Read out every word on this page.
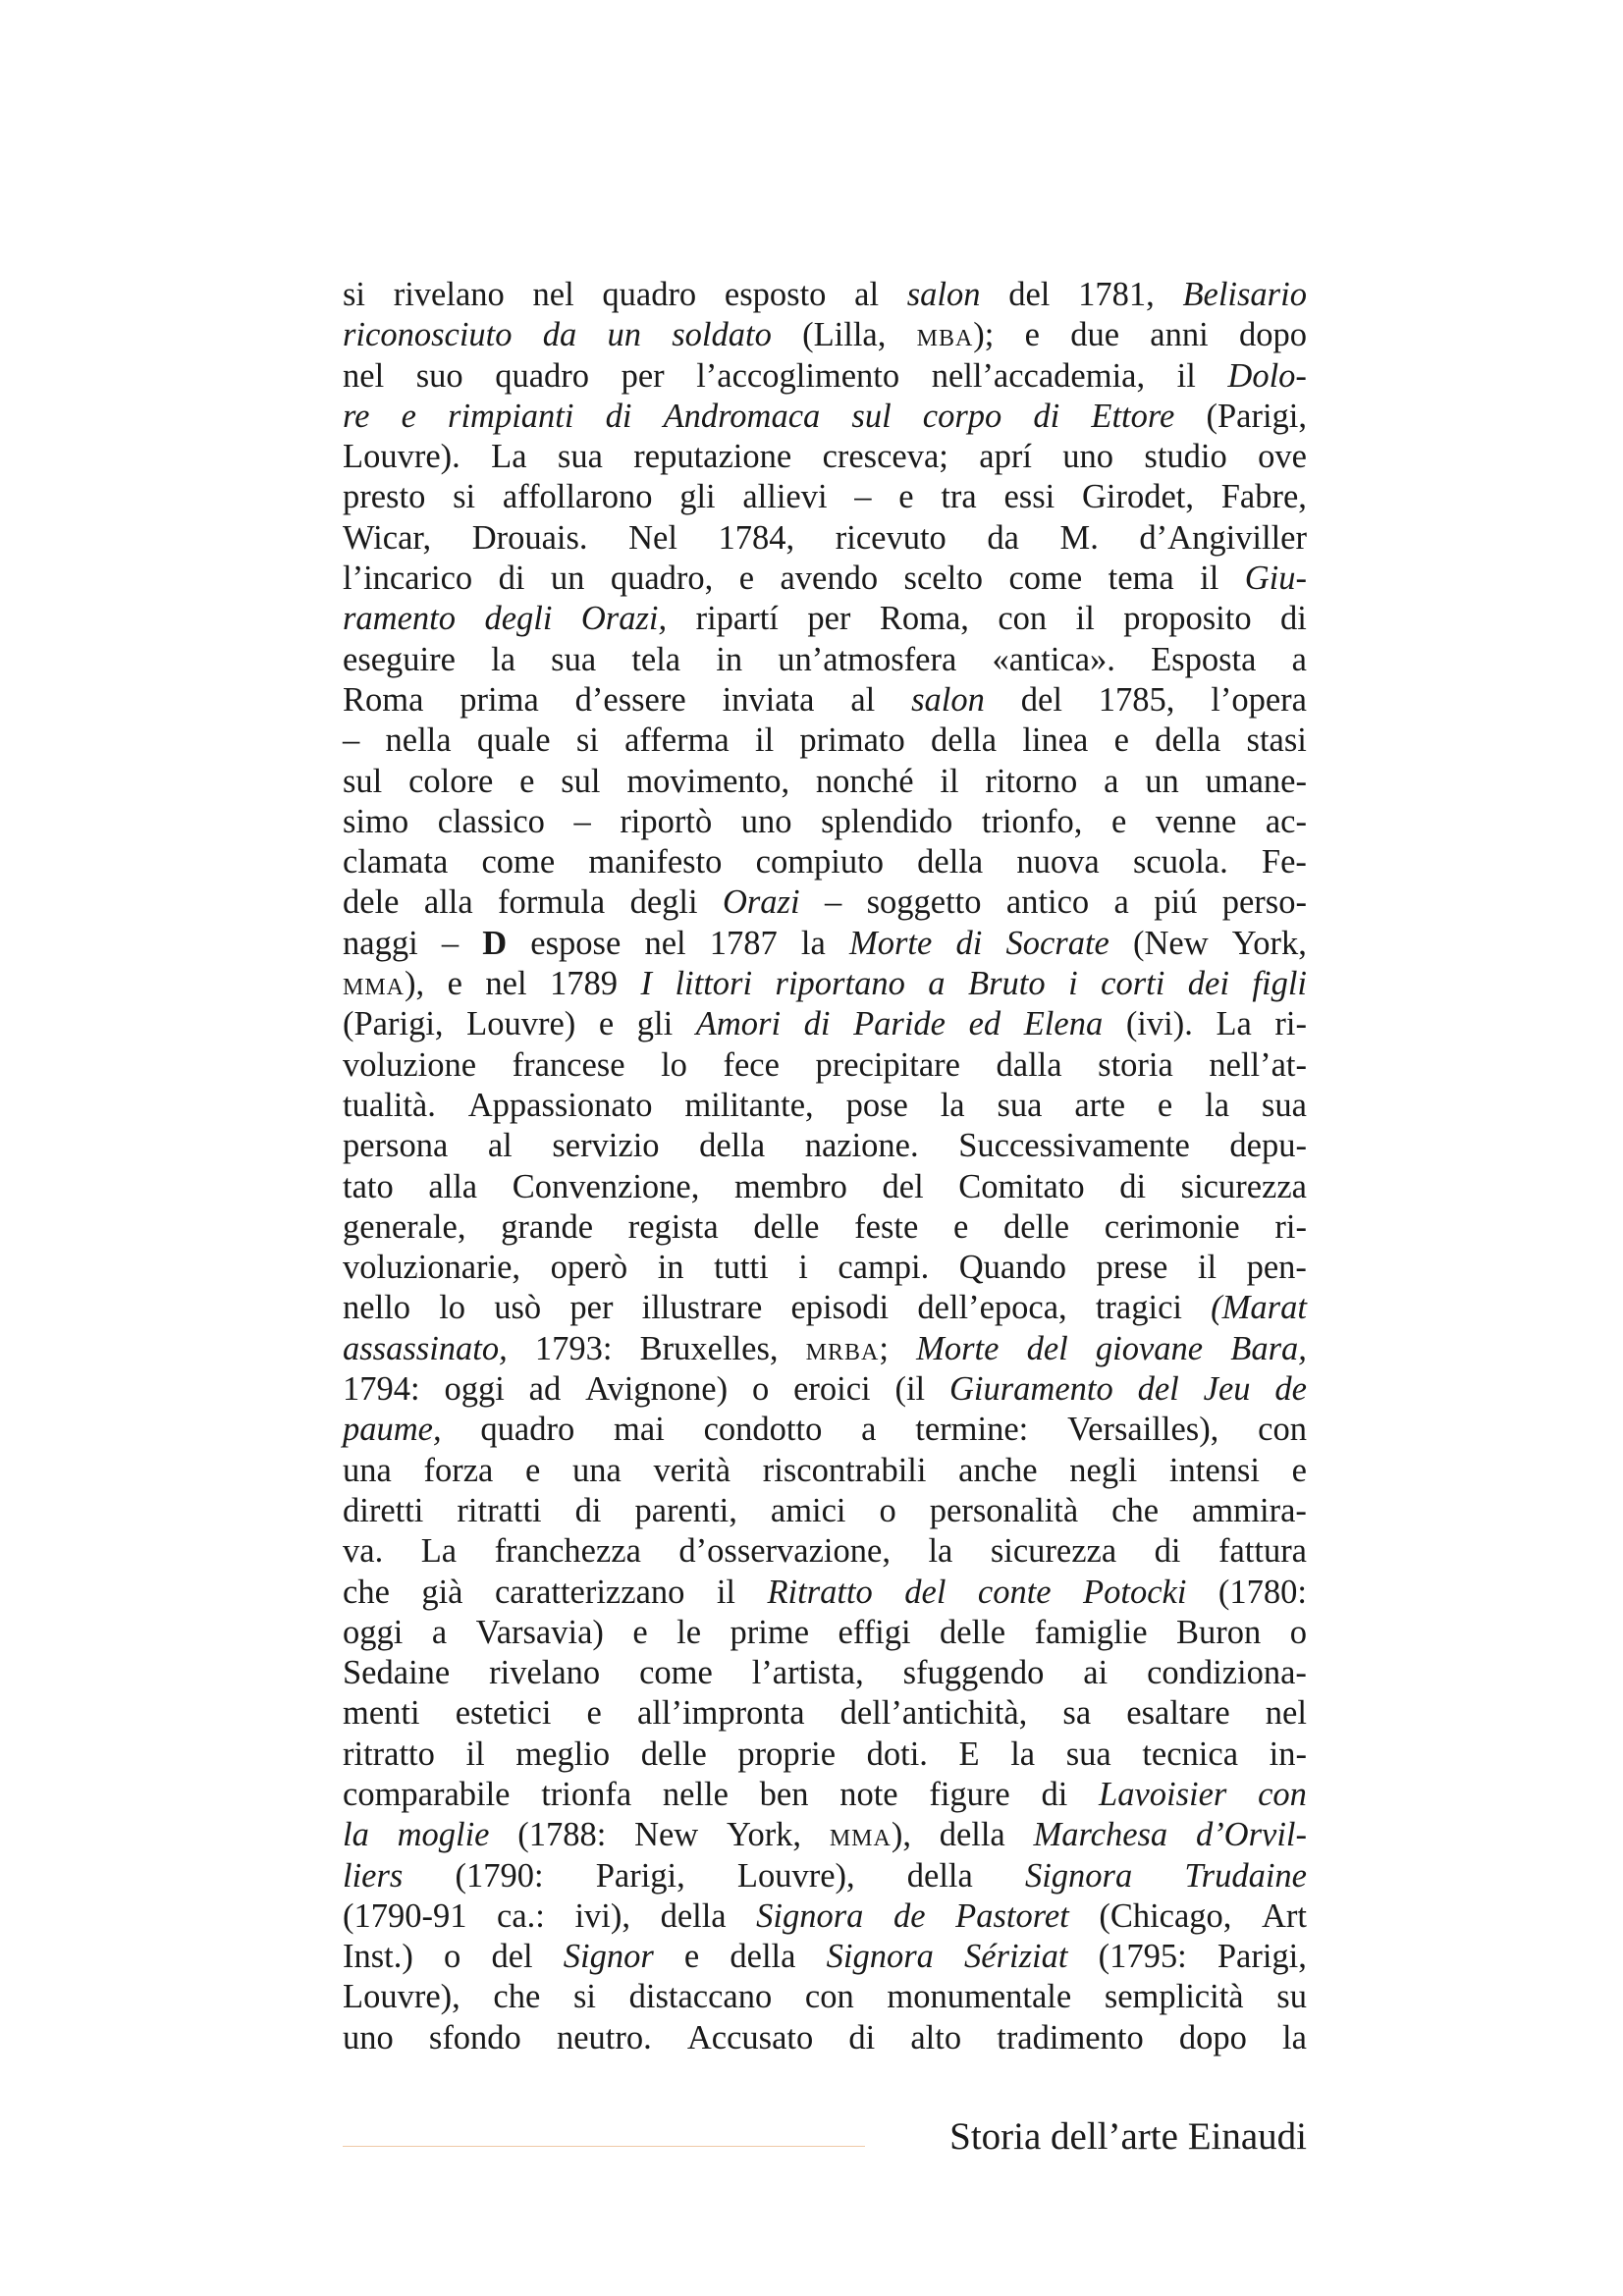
si rivelano nel quadro esposto al salon del 1781, Belisario
riconosciuto da un soldato (Lilla, mba); e due anni dopo
nel suo quadro per l’accoglimento nell’accademia, il Dolo-
re e rimpianti di Andromaca sul corpo di Ettore (Parigi,
Louvre). La sua reputazione cresceva; aprí uno studio ove
presto si affollarono gli allievi – e tra essi Girodet, Fabre,
Wicar, Drouais. Nel 1784, ricevuto da M. d’Angiviller
l’incarico di un quadro, e avendo scelto come tema il Giu-
ramento degli Orazi, ripartí per Roma, con il proposito di
eseguire la sua tela in un’atmosfera «antica». Esposta a
Roma prima d’essere inviata al salon del 1785, l’opera
– nella quale si afferma il primato della linea e della stasi
sul colore e sul movimento, nonché il ritorno a un umane-
simo classico – riportò uno splendido trionfo, e venne ac-
clamata come manifesto compiuto della nuova scuola. Fe-
dele alla formula degli Orazi – soggetto antico a piú perso-
naggi – D espose nel 1787 la Morte di Socrate (New York,
mma), e nel 1789 I littori riportano a Bruto i corti dei figli
(Parigi, Louvre) e gli Amori di Paride ed Elena (ivi). La ri-
voluzione francese lo fece precipitare dalla storia nell’at-
tualità. Appassionato militante, pose la sua arte e la sua
persona al servizio della nazione. Successivamente depu-
tato alla Convenzione, membro del Comitato di sicurezza
generale, grande regista delle feste e delle cerimonie ri-
voluzionarie, operò in tutti i campi. Quando prese il pen-
nello lo usò per illustrare episodi dell’epoca, tragici (Marat
assassinato, 1793: Bruxelles, mrba; Morte del giovane Bara,
1794: oggi ad Avignone) o eroici (il Giuramento del Jeu de
paume, quadro mai condotto a termine: Versailles), con
una forza e una verità riscontrabili anche negli intensi e
diretti ritratti di parenti, amici o personalità che ammira-
va. La franchezza d’osservazione, la sicurezza di fattura
che già caratterizzano il Ritratto del conte Potocki (1780:
oggi a Varsavia) e le prime effigi delle famiglie Buron o
Sedaine rivelano come l’artista, sfuggendo ai condiziona-
menti estetici e all’impronta dell’antichità, sa esaltare nel
ritratto il meglio delle proprie doti. E la sua tecnica in-
comparabile trionfa nelle ben note figure di Lavoisier con
la moglie (1788: New York, mma), della Marchesa d’Orvil-
liers (1790: Parigi, Louvre), della Signora Trudaine
(1790-91 ca.: ivi), della Signora de Pastoret (Chicago, Art
Inst.) o del Signor e della Signora Sériziat (1795: Parigi,
Louvre), che si distaccano con monumentale semplicità su
uno sfondo neutro. Accusato di alto tradimento dopo la
Storia dell’arte Einaudi
